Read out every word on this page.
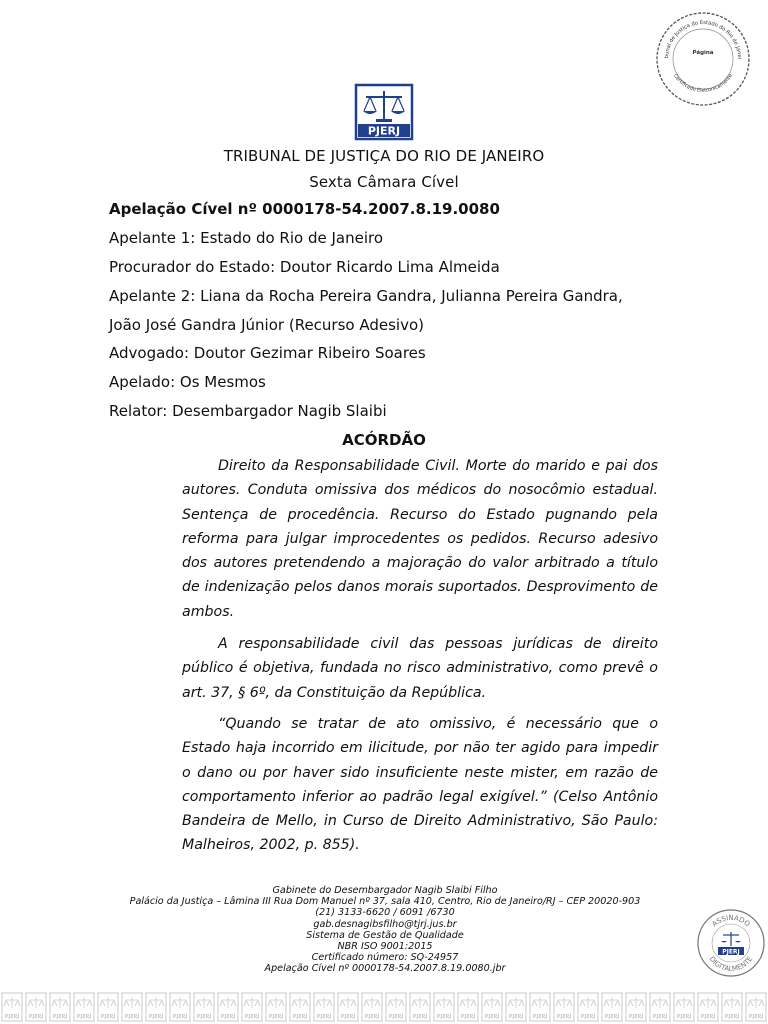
bunal de Justiça do Estado do Rio de Janei
Página
Certificado Eletronicamente
PJERJ
TRIBUNAL DE JUSTIÇA DO RIO DE JANEIRO
Sexta Câmara Cível
Apelação Cível nº 0000178-54.2007.8.19.0080
Apelante 1: Estado do Rio de Janeiro
Procurador do Estado: Doutor Ricardo Lima Almeida
Apelante 2: Liana da Rocha Pereira Gandra, Julianna Pereira Gandra,
João José Gandra Júnior (Recurso Adesivo)
Advogado: Doutor Gezimar Ribeiro Soares
Apelado: Os Mesmos
Relator: Desembargador Nagib Slaibi
ACÓRDÃO

Direito da Responsabilidade Civil. Morte do marido e pai dos autores. Conduta omissiva dos médicos do nosocômio estadual. Sentença de procedência. Recurso do Estado pugnando pela reforma para julgar improcedentes os pedidos. Recurso adesivo dos autores pretendendo a majoração do valor arbitrado a título de indenização pelos danos morais suportados. Desprovimento de ambos.

A responsabilidade civil das pessoas jurídicas de direito público é objetiva, fundada no risco administrativo, como prevê o art. 37, § 6º, da Constituição da República.

“Quando se tratar de ato omissivo, é necessário que o Estado haja incorrido em ilicitude, por não ter agido para impedir o dano ou por haver sido insuficiente neste mister, em razão de comportamento inferior ao padrão legal exigível.” (Celso Antônio Bandeira de Mello, in Curso de Direito Administrativo, São Paulo: Malheiros, 2002, p. 855).

Gabinete do Desembargador Nagib Slaibi Filho
Palácio da Justiça – Lâmina III Rua Dom Manuel nº 37, sala 410, Centro, Rio de Janeiro/RJ – CEP 20020-903
(21) 3133-6620 / 6091 /6730
gab.desnagibsfilho@tjrj.jus.br
Sistema de Gestão de Qualidade
NBR ISO 9001:2015
Certificado número: SQ-24957
Apelação Cível nº 0000178-54.2007.8.19.0080.jbr
ASSINADO
DIGITALMENTE
PJERJ
PJERJ PJERJ PJERJ PJERJ PJERJ PJERJ PJERJ PJERJ PJERJ PJERJ PJERJ PJERJ PJERJ PJERJ PJERJ PJERJ PJERJ PJERJ PJERJ PJERJ PJERJ PJERJ PJERJ PJERJ PJERJ PJERJ PJERJ PJERJ PJERJ PJERJ PJERJ PJERJ
